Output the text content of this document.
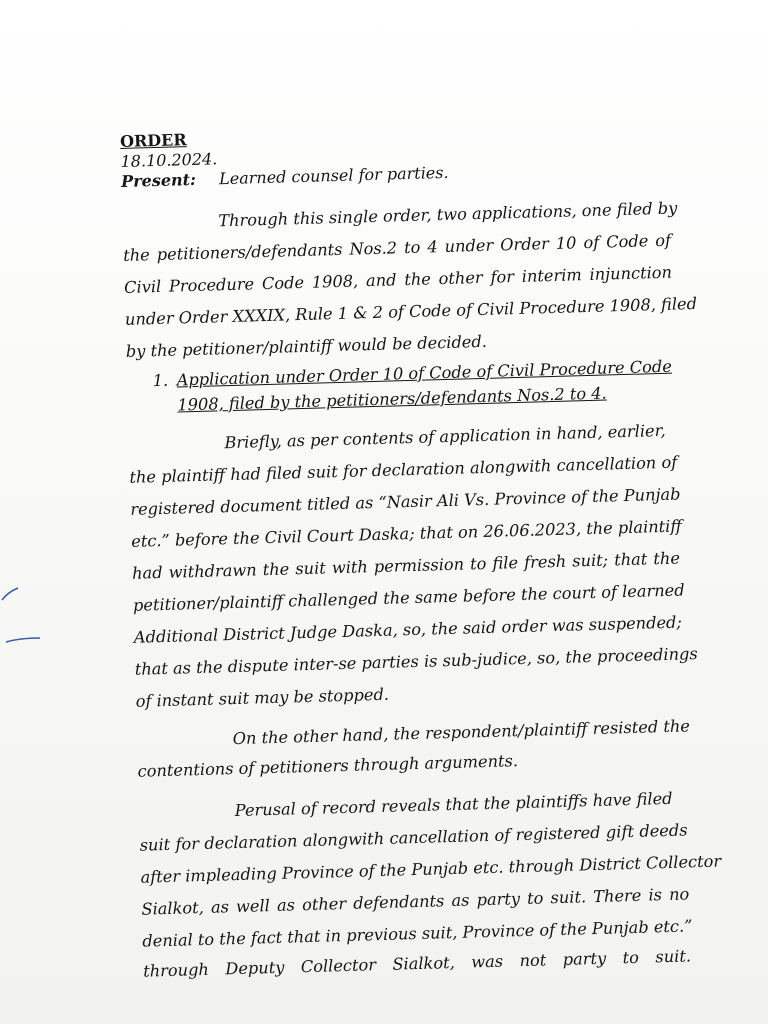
ORDER
18.10.2024.
Present: Learned counsel for parties.
Through this single order, two applications, one filed by
the petitioners/defendants Nos.2 to 4 under Order 10 of Code of
Civil Procedure Code 1908, and the other for interim injunction
under Order XXXIX, Rule 1 & 2 of Code of Civil Procedure 1908, filed
by the petitioner/plaintiff would be decided.
1. Application under Order 10 of Code of Civil Procedure Code
1908, filed by the petitioners/defendants Nos.2 to 4.
Briefly, as per contents of application in hand, earlier,
the plaintiff had filed suit for declaration alongwith cancellation of
registered document titled as “Nasir Ali Vs. Province of the Punjab
etc.” before the Civil Court Daska; that on 26.06.2023, the plaintiff
had withdrawn the suit with permission to file fresh suit; that the
petitioner/plaintiff challenged the same before the court of learned
Additional District Judge Daska, so, the said order was suspended;
that as the dispute inter-se parties is sub-judice, so, the proceedings
of instant suit may be stopped.
On the other hand, the respondent/plaintiff resisted the
contentions of petitioners through arguments.
Perusal of record reveals that the plaintiffs have filed
suit for declaration alongwith cancellation of registered gift deeds
after impleading Province of the Punjab etc. through District Collector
Sialkot, as well as other defendants as party to suit. There is no
denial to the fact that in previous suit, Province of the Punjab etc.”
through Deputy Collector Sialkot, was not party to suit.
